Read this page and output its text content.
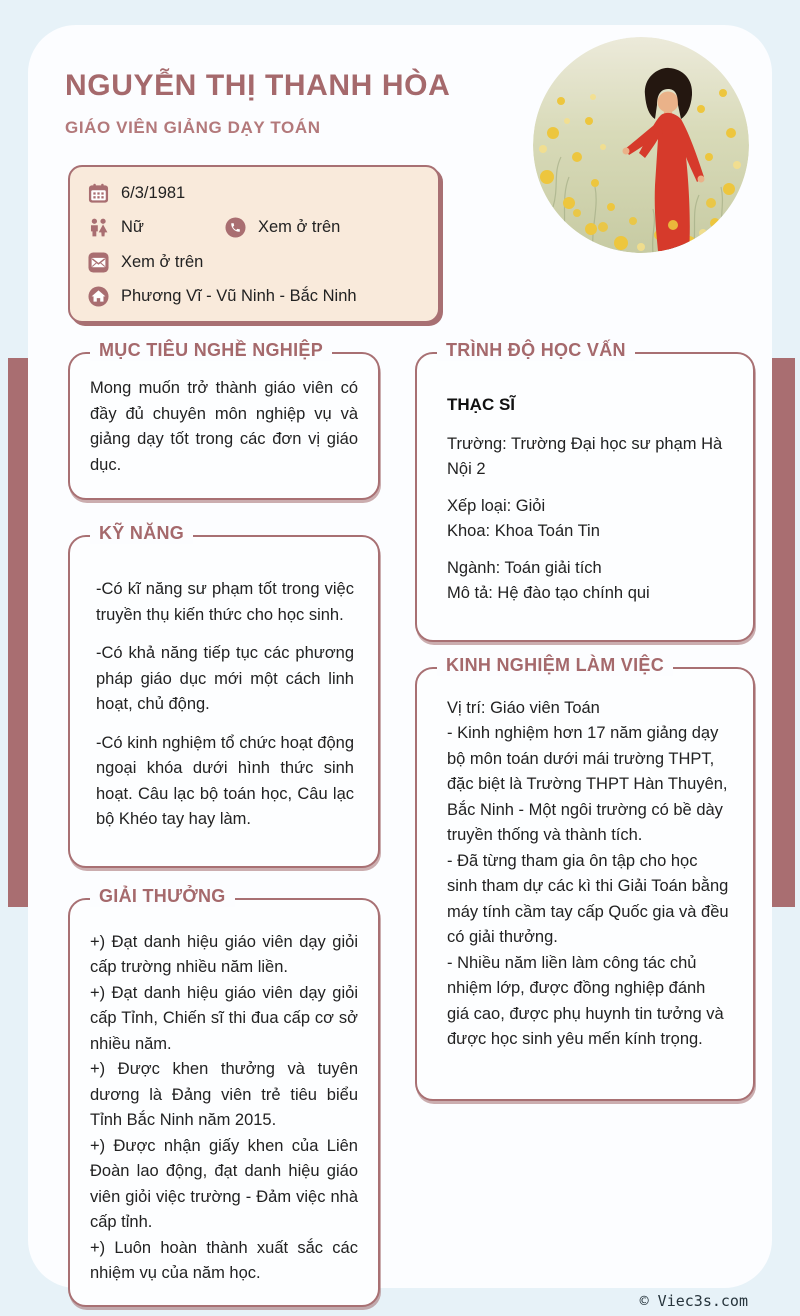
NGUYỄN THỊ THANH HÒA
GIÁO VIÊN GIẢNG DẠY TOÁN
6/3/1981
Nữ	Xem ở trên
Xem ở trên
Phương Vĩ - Vũ Ninh - Bắc Ninh
MỤC TIÊU NGHỀ NGHIỆP
Mong muốn trở thành giáo viên có đầy đủ chuyên môn nghiệp vụ và giảng dạy tốt trong các đơn vị giáo dục.
KỸ NĂNG
-Có kĩ năng sư phạm tốt trong việc truyền thụ kiến thức cho học sinh.
-Có khả năng tiếp tục các phương pháp giáo dục mới một cách linh hoạt, chủ động.
-Có kinh nghiệm tổ chức hoạt động ngoại khóa dưới hình thức sinh hoạt. Câu lạc bộ toán học, Câu lạc bộ Khéo tay hay làm.
GIẢI THƯỞNG
+) Đạt danh hiệu giáo viên dạy giỏi cấp trường nhiều năm liền.
+) Đạt danh hiệu giáo viên dạy giỏi cấp Tỉnh, Chiến sĩ thi đua cấp cơ sở nhiều năm.
+) Được khen thưởng và tuyên dương là Đảng viên trẻ tiêu biểu Tỉnh Bắc Ninh năm 2015.
+) Được nhận giấy khen của Liên Đoàn lao động, đạt danh hiệu giáo viên giỏi việc trường - Đảm việc nhà cấp tỉnh.
+) Luôn hoàn thành xuất sắc các nhiệm vụ của năm học.
TRÌNH ĐỘ HỌC VẤN
THẠC SĨ

Trường: Trường Đại học sư phạm Hà Nội 2

Xếp loại: Giỏi
Khoa: Khoa Toán Tin

Ngành: Toán giải tích
Mô tả: Hệ đào tạo chính qui

KINH NGHIỆM LÀM VIỆC
Vị trí: Giáo viên Toán
- Kinh nghiệm hơn 17 năm giảng dạy bộ môn toán dưới mái trường THPT, đặc biệt là Trường THPT Hàn Thuyên, Bắc Ninh - Một ngôi trường có bề dày truyền thống và thành tích.
- Đã từng tham gia ôn tập cho học sinh tham dự các kì thi Giải Toán bằng máy tính cầm tay cấp Quốc gia và đều có giải thưởng.
- Nhiều năm liền làm công tác chủ nhiệm lớp, được đồng nghiệp đánh giá cao, được phụ huynh tin tưởng và được học sinh yêu mến kính trọng.
© Viec3s.com
